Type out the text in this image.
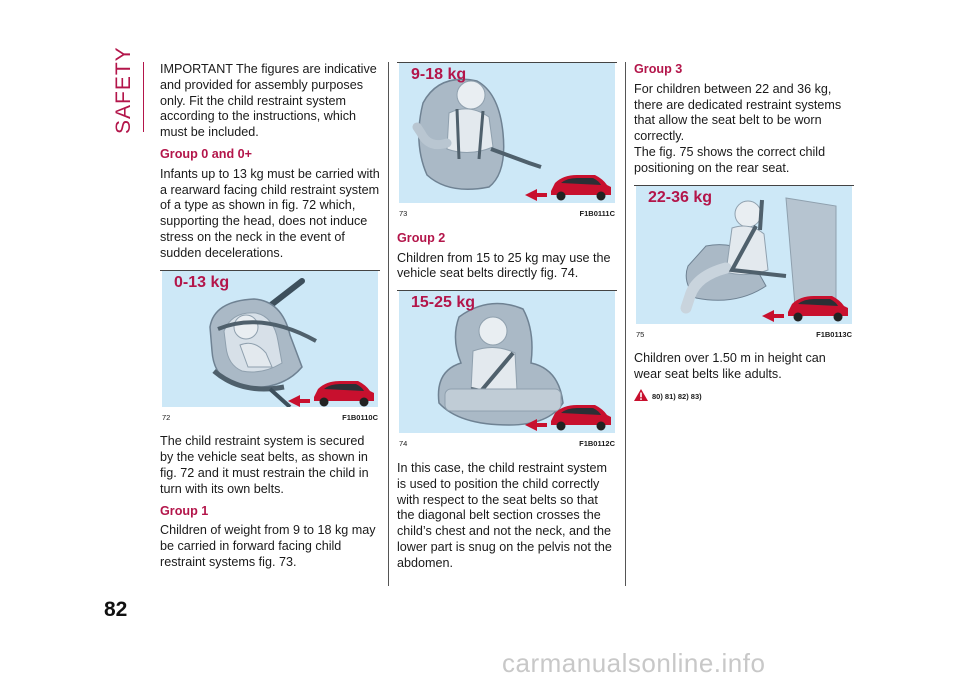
SAFETY
82
carmanualsonline.info

IMPORTANT The figures are indicative and provided for assembly purposes only. Fit the child restraint system according to the instructions, which must be included.

Group 0 and 0+

Infants up to 13 kg must be carried with a rearward facing child restraint system of a type as shown in fig. 72 which, supporting the head, does not induce stress on the neck in the event of sudden decelerations.

0-13 kg
72	F1B0110C

The child restraint system is secured by the vehicle seat belts, as shown in fig. 72 and it must restrain the child in turn with its own belts.

Group 1

Children of weight from 9 to 18 kg may be carried in forward facing child restraint systems fig. 73.

9-18 kg
73	F1B0111C

Group 2

Children from 15 to 25 kg may use the vehicle seat belts directly fig. 74.

15-25 kg
74	F1B0112C

In this case, the child restraint system is used to position the child correctly with respect to the seat belts so that the diagonal belt section crosses the child’s chest and not the neck, and the lower part is snug on the pelvis not the abdomen.

Group 3

For children between 22 and 36 kg, there are dedicated restraint systems that allow the seat belt to be worn correctly.

The fig. 75 shows the correct child positioning on the rear seat.

22-36 kg
75	F1B0113C

Children over 1.50 m in height can wear seat belts like adults.

80) 81) 82) 83)
